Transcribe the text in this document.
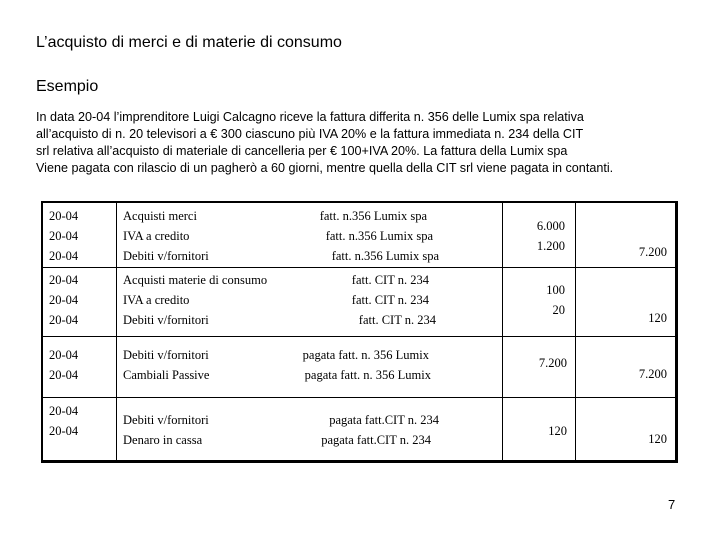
L’acquisto di merci e di materie di consumo
Esempio
In data 20-04 l’imprenditore Luigi Calcagno riceve la fattura differita n. 356 delle Lumix spa relativa
all’acquisto di n. 20 televisori a € 300 ciascuno più IVA 20% e la fattura immediata n. 234 della CIT
srl relativa all’acquisto di materiale di cancelleria per € 100+IVA 20%. La fattura della Lumix spa
Viene pagata con rilascio di un pagherò a 60 giorni, mentre quella della CIT srl viene pagata in contanti.
20-04
20-04
20-04
Acquisti merci
IVA a credito
Debiti v/fornitori
fatt. n.356 Lumix spa
fatt. n.356 Lumix spa
fatt. n.356 Lumix spa
6.000
1.200	7.200
20-04
20-04
20-04
Acquisti materie di consumo
IVA a credito
Debiti v/fornitori
fatt. CIT n. 234
fatt. CIT n. 234
fatt. CIT n. 234
100
20
120
20-04
20-04
Debiti v/fornitori
Cambiali Passive
pagata fatt. n. 356 Lumix
pagata fatt. n. 356 Lumix
7.200
7.200
20-04
20-04
Debiti v/fornitori
Denaro in cassa
pagata fatt.CIT n. 234
pagata fatt.CIT n. 234
120
120
7
